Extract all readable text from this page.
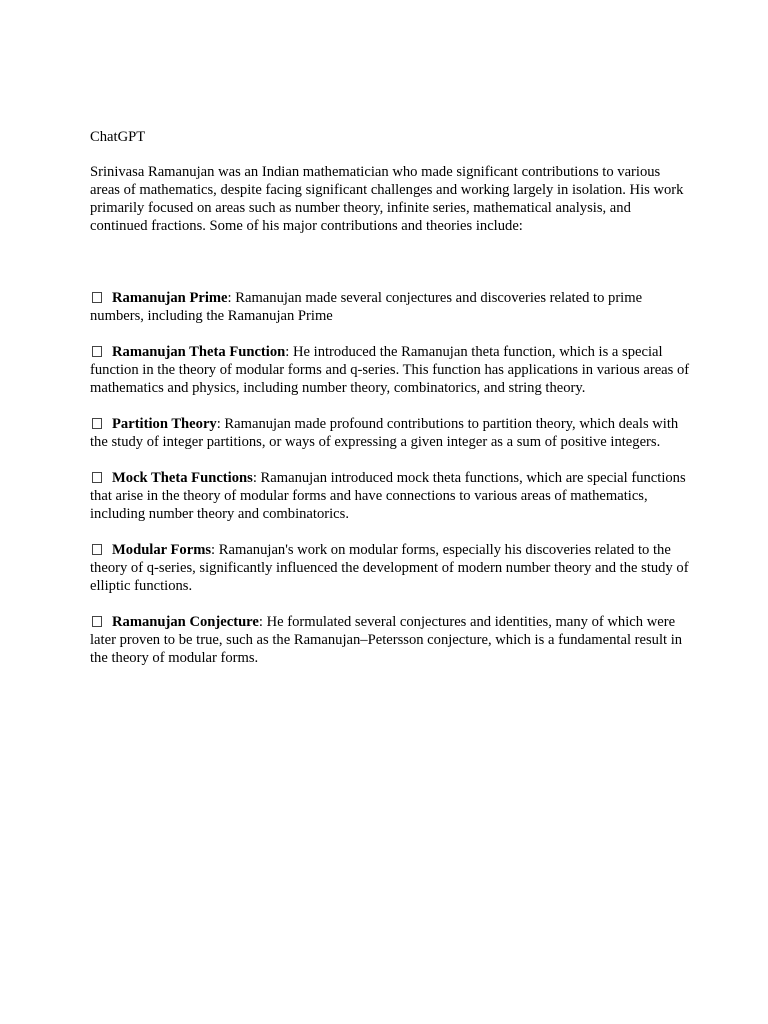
ChatGPT

Srinivasa Ramanujan was an Indian mathematician who made significant contributions to various areas of mathematics, despite facing significant challenges and working largely in isolation. His work primarily focused on areas such as number theory, infinite series, mathematical analysis, and continued fractions. Some of his major contributions and theories include:

Ramanujan Prime: Ramanujan made several conjectures and discoveries related to prime numbers, including the Ramanujan Prime
Ramanujan Theta Function: He introduced the Ramanujan theta function, which is a special function in the theory of modular forms and q-series. This function has applications in various areas of mathematics and physics, including number theory, combinatorics, and string theory.
Partition Theory: Ramanujan made profound contributions to partition theory, which deals with the study of integer partitions, or ways of expressing a given integer as a sum of positive integers.
Mock Theta Functions: Ramanujan introduced mock theta functions, which are special functions that arise in the theory of modular forms and have connections to various areas of mathematics, including number theory and combinatorics.
Modular Forms: Ramanujan's work on modular forms, especially his discoveries related to the theory of q-series, significantly influenced the development of modern number theory and the study of elliptic functions.
Ramanujan Conjecture: He formulated several conjectures and identities, many of which were later proven to be true, such as the Ramanujan–Petersson conjecture, which is a fundamental result in the theory of modular forms.
